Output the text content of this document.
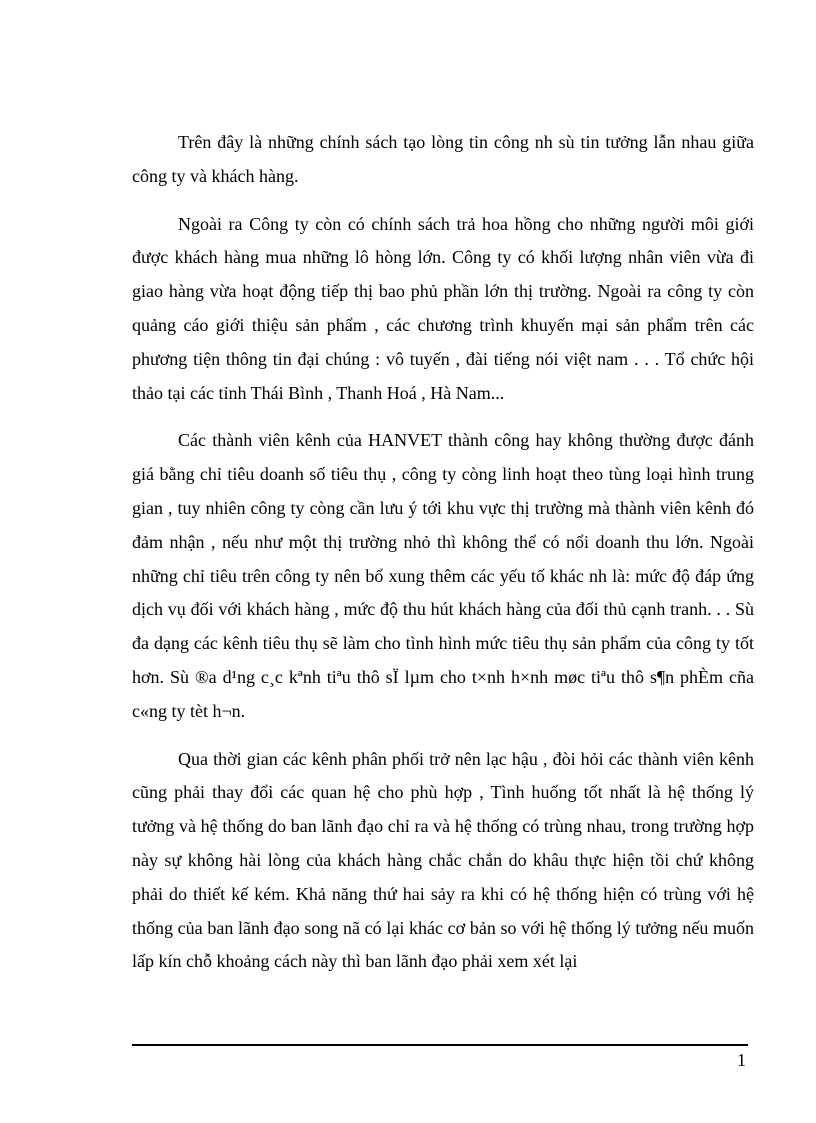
Trên đây là những chính sách tạo lòng tin công nh sù tin tưởng lẫn nhau giữa công ty và khách hàng.

Ngoài ra Công ty còn có chính sách trả hoa hồng cho những người môi giới được khách hàng mua những lô hòng lớn. Công ty có khối lượng nhân viên vừa đi giao hàng vừa hoạt động tiếp thị bao phủ phần lớn thị trường. Ngoài ra công ty còn quảng cáo giới thiệu sản phẩm , các chương trình khuyến mại sản phẩm trên các phương tiện thông tin đại chúng : vô tuyến , đài tiếng nói việt nam . . . Tổ chức hội thảo tại các tỉnh Thái Bình , Thanh Hoá , Hà Nam...

Các thành viên kênh của HANVET thành công hay không thường được đánh giá bằng chỉ tiêu doanh số tiêu thụ , công ty còng linh hoạt theo tùng loại hình trung gian , tuy nhiên công ty còng cần lưu ý tới khu vực thị trường mà thành viên kênh đó đảm nhận , nếu như một thị trường nhỏ thì không thể có nổi doanh thu lớn. Ngoài những chỉ tiêu trên công ty nên bổ xung thêm các yếu tố khác nh là: mức độ đáp ứng dịch vụ đối với khách hàng , mức độ thu hút khách hàng của đối thủ cạnh tranh. . . Sù đa dạng các kênh tiêu thụ sẽ làm cho tình hình mức tiêu thụ sản phẩm của công ty tốt hơn. Sù ®a d¹ng c¸c kªnh tiªu thô sÏ lµm cho t×nh h×nh møc tiªu thô s¶n phÈm cña c«ng ty tèt h¬n.

Qua thời gian các kênh phân phối trở nên lạc hậu , đòi hỏi các thành viên kênh cũng phải thay đổi các quan hệ cho phù hợp , Tình huống tốt nhất là hệ thống lý tưởng và hệ thống do ban lãnh đạo chỉ ra và hệ thống có trùng nhau, trong trường hợp này sự không hài lòng của khách hàng chắc chắn do khâu thực hiện tồi chứ không phải do thiết kế kém. Khả năng thứ hai sảy ra khi có hệ thống hiện có trùng với hệ thống của ban lãnh đạo song nã có lại khác cơ bản so với hệ thống lý tưởng nếu muốn lấp kín chỗ khoảng cách này thì ban lãnh đạo phải xem xét lại

1
